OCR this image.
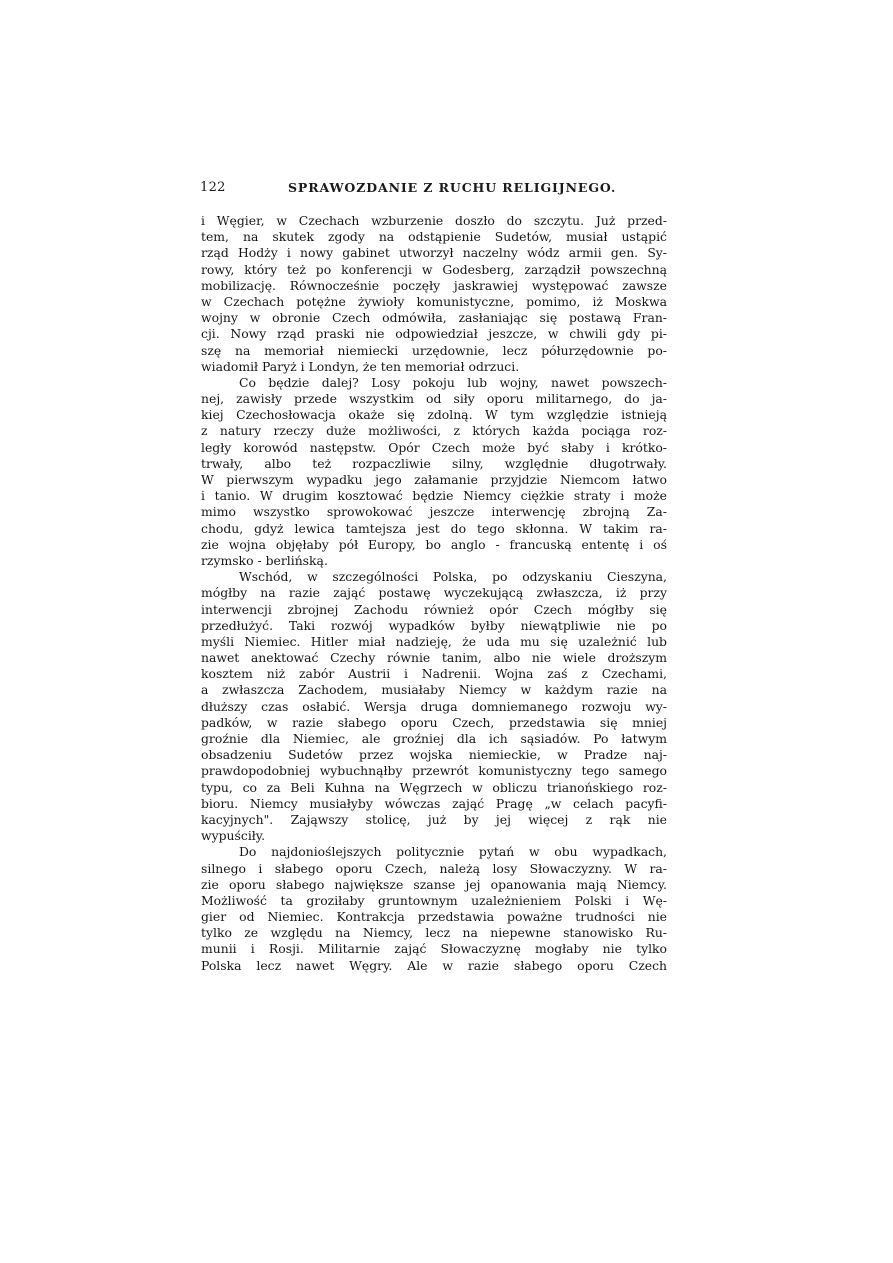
122	SPRAWOZDANIE Z RUCHU RELIGIJNEGO.
i Węgier, w Czechach wzburzenie doszło do szczytu. Już przed-
tem, na skutek zgody na odstąpienie Sudetów, musiał ustąpić
rząd Hodży i nowy gabinet utworzył naczelny wódz armii gen. Sy-
rowy, który też po konferencji w Godesberg, zarządził powszechną
mobilizację. Równocześnie poczęły jaskrawiej występować zawsze
w Czechach potężne żywioły komunistyczne, pomimo, iż Moskwa
wojny w obronie Czech odmówiła, zasłaniając się postawą Fran-
cji. Nowy rząd praski nie odpowiedział jeszcze, w chwili gdy pi-
szę na memoriał niemiecki urzędownie, lecz półurzędownie po-
wiadomił Paryż i Londyn, że ten memoriał odrzuci.
Co będzie dalej? Losy pokoju lub wojny, nawet powszech-
nej, zawisły przede wszystkim od siły oporu militarnego, do ja-
kiej Czechosłowacja okaże się zdolną. W tym względzie istnieją
z natury rzeczy duże możliwości, z których każda pociąga roz-
legły korowód następstw. Opór Czech może być słaby i krótko-
trwały, albo też rozpaczliwie silny, względnie długotrwały.
W pierwszym wypadku jego załamanie przyjdzie Niemcom łatwo
i tanio. W drugim kosztować będzie Niemcy ciężkie straty i może
mimo wszystko sprowokować jeszcze interwencję zbrojną Za-
chodu, gdyż lewica tamtejsza jest do tego skłonna. W takim ra-
zie wojna objęłaby pół Europy, bo anglo - francuską ententę i oś
rzymsko - berlińską.
Wschód, w szczególności Polska, po odzyskaniu Cieszyna,
mógłby na razie zająć postawę wyczekującą zwłaszcza, iż przy
interwencji zbrojnej Zachodu również opór Czech mógłby się
przedłużyć. Taki rozwój wypadków byłby niewątpliwie nie po
myśli Niemiec. Hitler miał nadzieję, że uda mu się uzależnić lub
nawet anektować Czechy równie tanim, albo nie wiele droższym
kosztem niż zabór Austrii i Nadrenii. Wojna zaś z Czechami,
a zwłaszcza Zachodem, musiałaby Niemcy w każdym razie na
dłuższy czas osłabić. Wersja druga domniemanego rozwoju wy-
padków, w razie słabego oporu Czech, przedstawia się mniej
groźnie dla Niemiec, ale groźniej dla ich sąsiadów. Po łatwym
obsadzeniu Sudetów przez wojska niemieckie, w Pradze naj-
prawdopodobniej wybuchnąłby przewrót komunistyczny tego samego
typu, co za Beli Kuhna na Węgrzech w obliczu trianońskiego roz-
bioru. Niemcy musiałyby wówczas zająć Pragę „w celach pacyfi-
kacyjnych". Zająwszy stolicę, już by jej więcej z rąk nie
wypuściły.
Do najdonioślejszych politycznie pytań w obu wypadkach,
silnego i słabego oporu Czech, należą losy Słowaczyzny. W ra-
zie oporu słabego największe szanse jej opanowania mają Niemcy.
Możliwość ta groziłaby gruntownym uzależnieniem Polski i Wę-
gier od Niemiec. Kontrakcja przedstawia poważne trudności nie
tylko ze względu na Niemcy, lecz na niepewne stanowisko Ru-
munii i Rosji. Militarnie zająć Słowaczyznę mogłaby nie tylko
Polska lecz nawet Węgry. Ale w razie słabego oporu Czech
